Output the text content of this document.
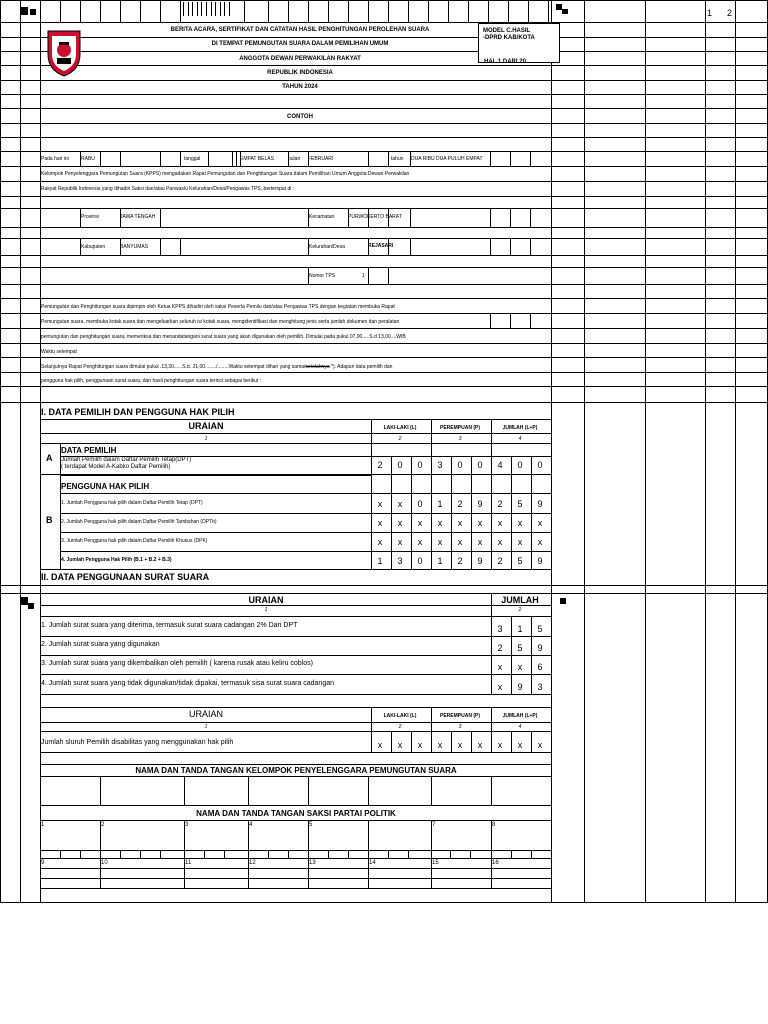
1 2
BERITA ACARA, SERTIFIKAT DAN CATATAN HASIL PENGHITUNGAN PEROLEHAN SUARA
DI TEMPAT PEMUNGUTAN SUARA DALAM PEMILIHAN UMUM
ANGGOTA DEWAN PERWAKILAN RAKYAT
REPUBLIK INDONESIA
TAHUN 2024
CONTOH
MODEL C.HASIL
-DPRD KAB/KOTA
HAL 1 DARI 20
Pada hari ini RABU	tanggal	EMPAT BELAS	bulan FEBRUARI	tahun DUA RIBU DUA PULUH EMPAT
Kelompok Penyelenggara Pemungutan Suara (KPPS) mengadakan Rapat Pemungutan dan Penghitungan Suara dalam Pemilihan Umum Anggota Dewan Perwakilan
Rakyat Republik Indonesia yang dihadiri Saksi dan/atau Panwaslu Kelurahan/Desa/Pengawas TPS, bertempat di :
Provinsi	JAWA TENGAH	Kecamatan	PURWOKERTO BARAT
Kabupaten	BANYUMAS	Kelurahan/Desa	REJASARI
Nomor TPS	1
Pemungutan dan Penghitungan suara dipimpin oleh Ketua KPPS dihadiri oleh saksi Peserta Pemilu dan/atau Pengawas TPS dengan kegiatan membuka Rapat
Pemungutan suara, membuka kotak suara dan mengeluarkan seluruh isi kotak suara, mengidentifikasi dan menghitung jenis serta jumlah dokumen dan peralatan
pemungutan dan penghitungan suara, memeriksa dan menandatangani surat suara yang akan digunakan oleh pemilih. Dimulai pada pukul 07,00.....S.d 13,00....WIB
Waktu setempat
Selanjutnya Rapat Penghitungan suara dimulai pukul .13,30......S.d. 21,00......../........Waktu setempat dihari yang sama/setelahnya *). Adapun data pemilih dan
pengguna hak pilih, penggunaan surat suara, dan hasil penghitungan suara terinci sebagai berikut :
I. DATA PEMILIH DAN PENGGUNA HAK PILIH
URAIAN	LAKI-LAKI (L)	PEREMPUAN (P)	JUMLAH (L+P)
1	2	3	4
A
DATA PEMILIH
Jumlah Pemilih dalam Daftar Pemilih Tetap(DPT)
( terdapat Model A-Kabko Daftar Pemilih)	2	0	0	3	0	0	4	0	0
B
PENGGUNA HAK PILIH
1. Jumlah Pengguna hak pilih dalam Daftar Pemilih Tetap (DPT)	x	x	0	1	2	9	2	5	9
2. Jumlah Pengguna hak pilih dalam Daftar Pemilih Tambahan (DPTb)	x	x	x	x	x	x	x	x	x
3. Jumlah Pengguna hak pilih dalam Daftar Pemilih Khusus (DPK)	x	x	x	x	x	x	x	x	x
4. Jumlah Pengguna Hak Pilih (B.1 + B.2 + B.3)	1	3	0	1	2	9	2	5	9
II. DATA PENGGUNAAN SURAT SUARA
URAIAN	JUMLAH
1	2
1. Jumlah surat suara yang diterima, termasuk surat suara cadangan 2% Dari DPT	3	1	5
2. Jumlah surat suara yang digunakan	2	5	9
3. Jumlah surat suara yang dikembalikan oleh pemilih ( karena rusak atau keliru coblos)	x	x	6
4. Jumlah surat suara yang tidak digunakan/tidak dipakai, termasuk sisa surat suara cadangan	x	9	3
URAIAN	LAKI-LAKI (L)	PEREMPUAN (P)	JUMLAH (L+P)
1	2	3	4
Jumlah sluruh Pemilih disabilitas yang menggunakan hak pilih	x	x	x	x	x	x	x	x	x
NAMA DAN TANDA TANGAN KELOMPOK PENYELENGGARA PEMUNGUTAN SUARA
NAMA DAN TANDA TANGAN SAKSI PARTAI POLITIK
1	2	3	4	5	7	8
9	10	11	12	13	14	15	16
